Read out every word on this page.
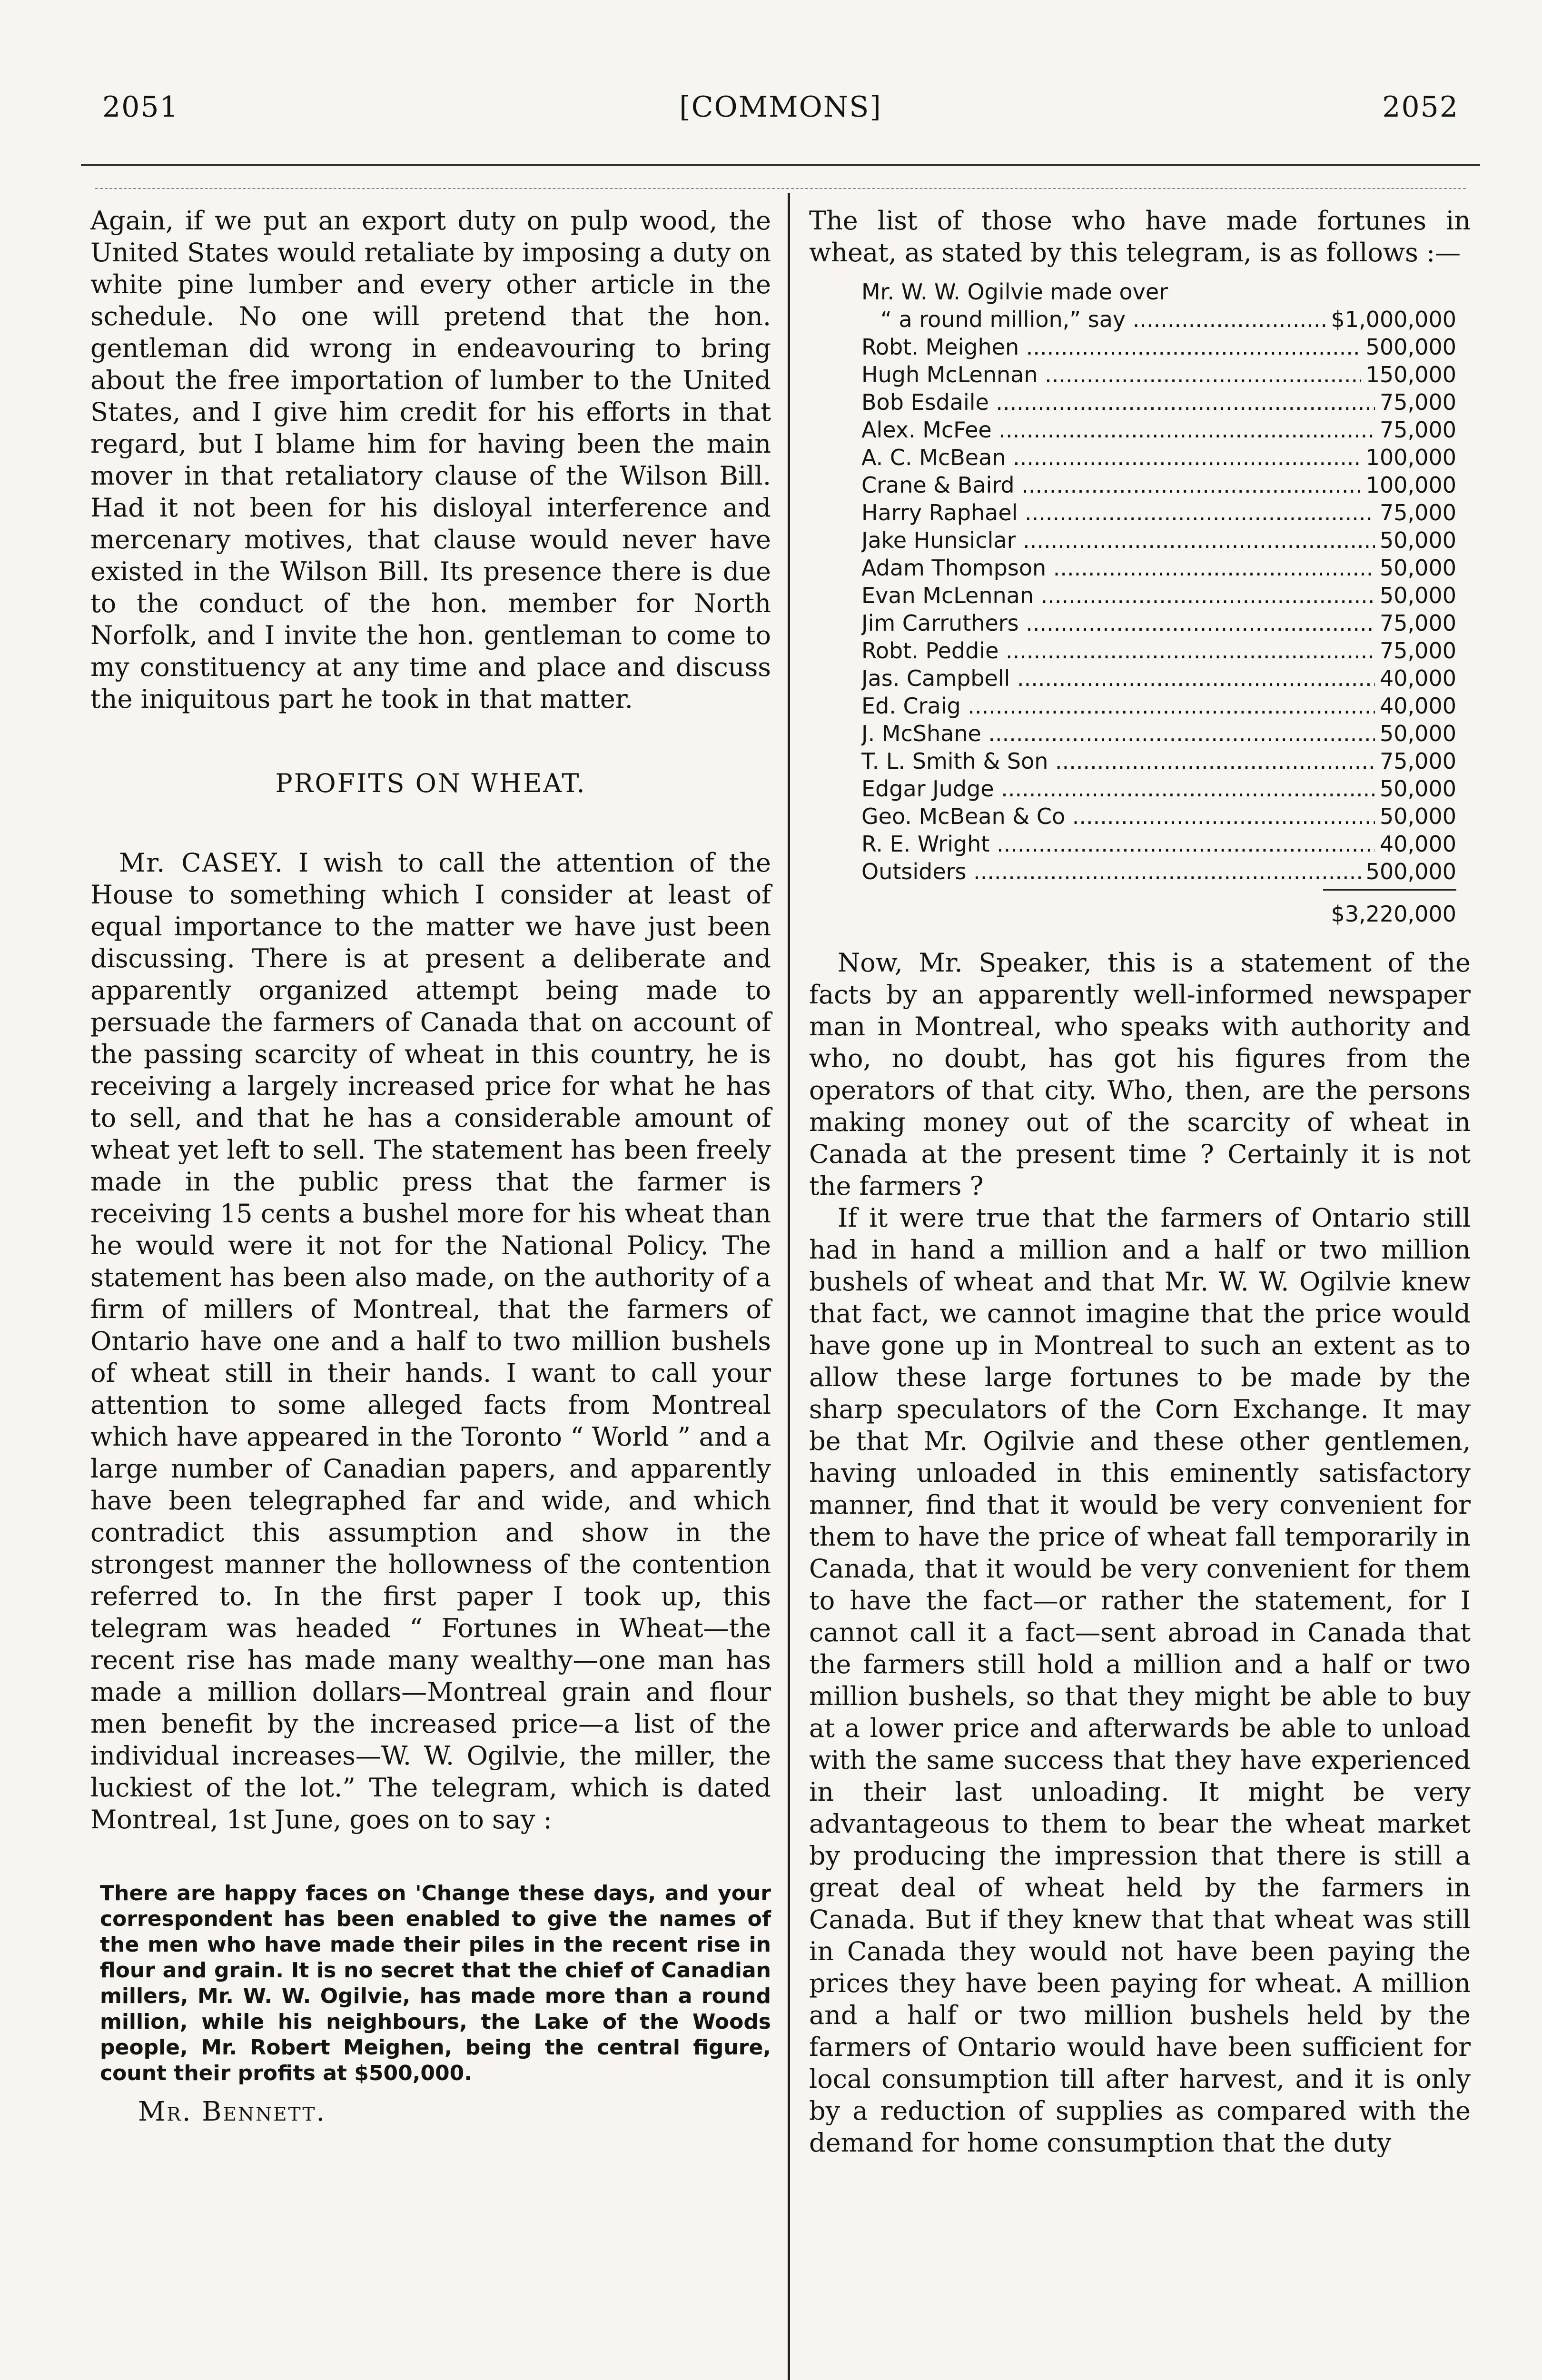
2051	[COMMONS]	2052

Again, if we put an export duty on pulp wood, the United States would retaliate by imposing a duty on white pine lumber and every other article in the schedule. No one will pretend that the hon. gentleman did wrong in endeavouring to bring about the free importation of lumber to the United States, and I give him credit for his efforts in that regard, but I blame him for having been the main mover in that retaliatory clause of the Wilson Bill. Had it not been for his disloyal interference and mercenary motives, that clause would never have existed in the Wilson Bill. Its presence there is due to the conduct of the hon. member for North Norfolk, and I invite the hon. gentleman to come to my constituency at any time and place and discuss the iniquitous part he took in that matter.

PROFITS ON WHEAT.

Mr. CASEY. I wish to call the attention of the House to something which I consider at least of equal importance to the matter we have just been discussing. There is at present a deliberate and apparently organized attempt being made to persuade the farmers of Canada that on account of the passing scarcity of wheat in this country, he is receiving a largely increased price for what he has to sell, and that he has a considerable amount of wheat yet left to sell. The statement has been freely made in the public press that the farmer is receiving 15 cents a bushel more for his wheat than he would were it not for the National Policy. The statement has been also made, on the authority of a firm of millers of Montreal, that the farmers of Ontario have one and a half to two million bushels of wheat still in their hands. I want to call your attention to some alleged facts from Montreal which have appeared in the Toronto “ World ” and a large number of Canadian papers, and apparently have been telegraphed far and wide, and which contradict this assumption and show in the strongest manner the hollowness of the contention referred to. In the first paper I took up, this telegram was headed “ Fortunes in Wheat—the recent rise has made many wealthy—one man has made a million dollars—Montreal grain and flour men benefit by the increased price—a list of the individual increases—W. W. Ogilvie, the miller, the luckiest of the lot.” The telegram, which is dated Montreal, 1st June, goes on to say :

There are happy faces on 'Change these days, and your correspondent has been enabled to give the names of the men who have made their piles in the recent rise in flour and grain. It is no secret that the chief of Canadian millers, Mr. W. W. Ogilvie, has made more than a round million, while his neighbours, the Lake of the Woods people, Mr. Robert Meighen, being the central figure, count their profits at $500,000.

Mr. Bennett.

The list of those who have made fortunes in wheat, as stated by this telegram, is as follows :—

Mr. W. W. Ogilvie made over
“ a round million,” say .....	$1,000,000
Robt. Meighen .....	500,000
Hugh McLennan .....	150,000
Bob Esdaile .....	75,000
Alex. McFee .....	75,000
A. C. McBean .....	100,000
Crane & Baird .....	100,000
Harry Raphael .....	75,000
Jake Hunsiclar .....	50,000
Adam Thompson .....	50,000
Evan McLennan .....	50,000
Jim Carruthers .....	75,000
Robt. Peddie .....	75,000
Jas. Campbell .....	40,000
Ed. Craig .....	40,000
J. McShane .....	50,000
T. L. Smith & Son .....	75,000
Edgar Judge .....	50,000
Geo. McBean & Co .....	50,000
R. E. Wright .....	40,000
Outsiders .....	500,000
$3,220,000

Now, Mr. Speaker, this is a statement of the facts by an apparently well-informed newspaper man in Montreal, who speaks with authority and who, no doubt, has got his figures from the operators of that city. Who, then, are the persons making money out of the scarcity of wheat in Canada at the present time ? Certainly it is not the farmers ?

If it were true that the farmers of Ontario still had in hand a million and a half or two million bushels of wheat and that Mr. W. W. Ogilvie knew that fact, we cannot imagine that the price would have gone up in Montreal to such an extent as to allow these large fortunes to be made by the sharp speculators of the Corn Exchange. It may be that Mr. Ogilvie and these other gentlemen, having unloaded in this eminently satisfactory manner, find that it would be very convenient for them to have the price of wheat fall temporarily in Canada, that it would be very convenient for them to have the fact—or rather the statement, for I cannot call it a fact—sent abroad in Canada that the farmers still hold a million and a half or two million bushels, so that they might be able to buy at a lower price and afterwards be able to unload with the same success that they have experienced in their last unloading. It might be very advantageous to them to bear the wheat market by producing the impression that there is still a great deal of wheat held by the farmers in Canada. But if they knew that that wheat was still in Canada they would not have been paying the prices they have been paying for wheat. A million and a half or two million bushels held by the farmers of Ontario would have been sufficient for local consumption till after harvest, and it is only by a reduction of supplies as compared with the demand for home consumption that the duty
